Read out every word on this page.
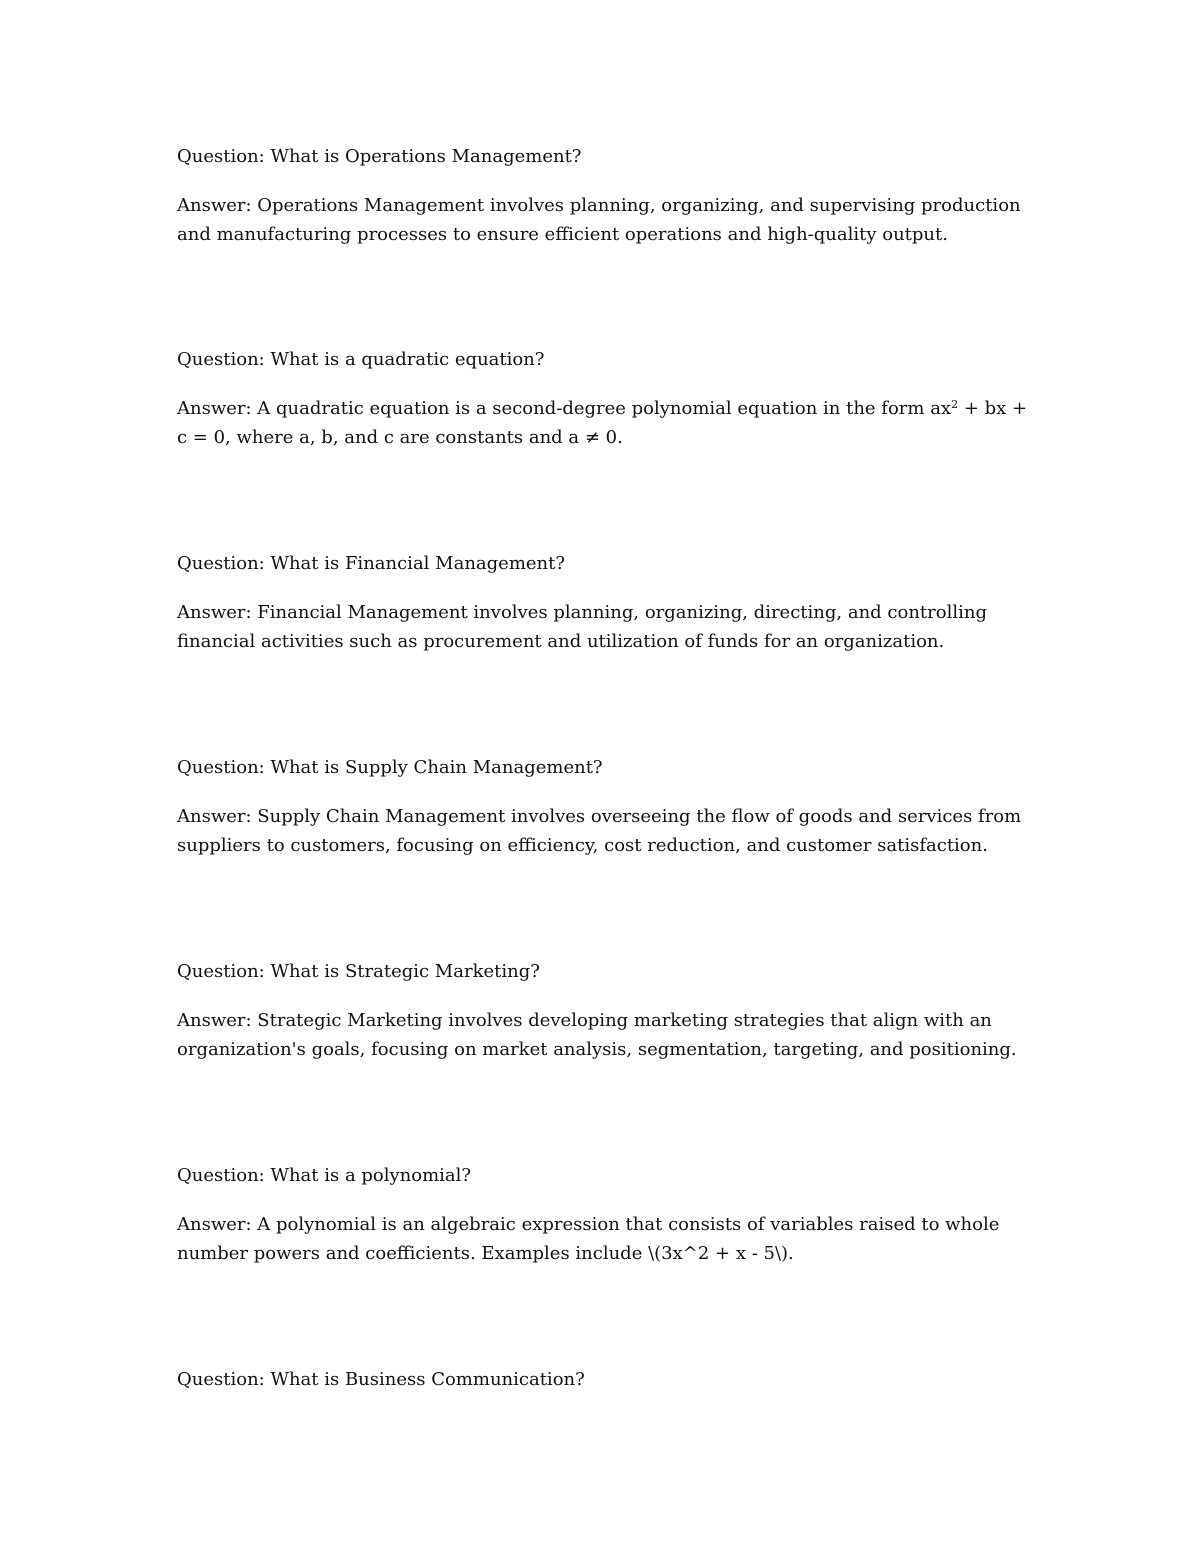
Question: What is Operations Management?

Answer: Operations Management involves planning, organizing, and supervising production and manufacturing processes to ensure efficient operations and high-quality output.

Question: What is a quadratic equation?

Answer: A quadratic equation is a second-degree polynomial equation in the form $ax^2$ + bx + c = 0, where a, b, and c are constants and a ≠ 0.

Question: What is Financial Management?

Answer: Financial Management involves planning, organizing, directing, and controlling financial activities such as procurement and utilization of funds for an organization.

Question: What is Supply Chain Management?

Answer: Supply Chain Management involves overseeing the flow of goods and services from suppliers to customers, focusing on efficiency, cost reduction, and customer satisfaction.

Question: What is Strategic Marketing?

Answer: Strategic Marketing involves developing marketing strategies that align with an organization's goals, focusing on market analysis, segmentation, targeting, and positioning.

Question: What is a polynomial?

Answer: A polynomial is an algebraic expression that consists of variables raised to whole number powers and coefficients. Examples include \(3x^2 + x - 5\).

Question: What is Business Communication?
